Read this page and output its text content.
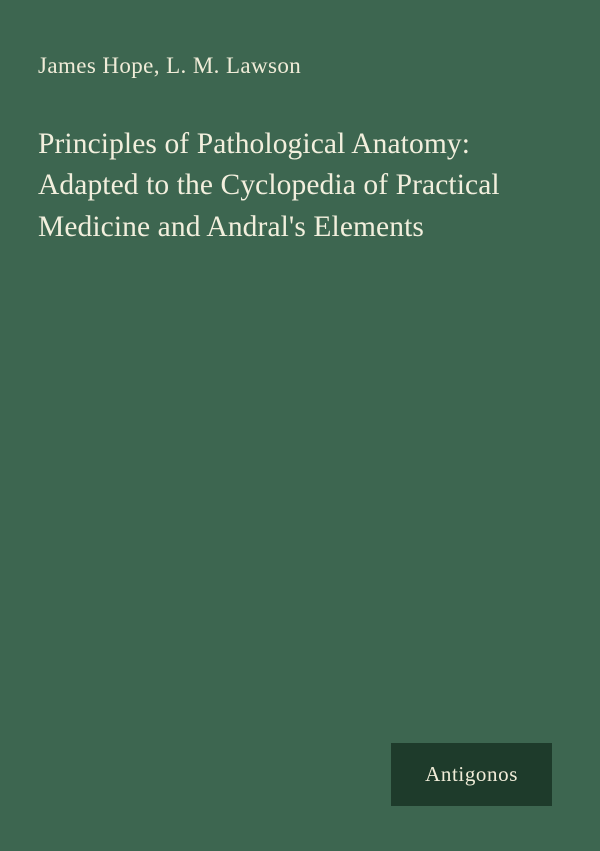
James Hope, L. M. Lawson
Principles of Pathological Anatomy: Adapted to the Cyclopedia of Practical Medicine and Andral's Elements
Antigonos
